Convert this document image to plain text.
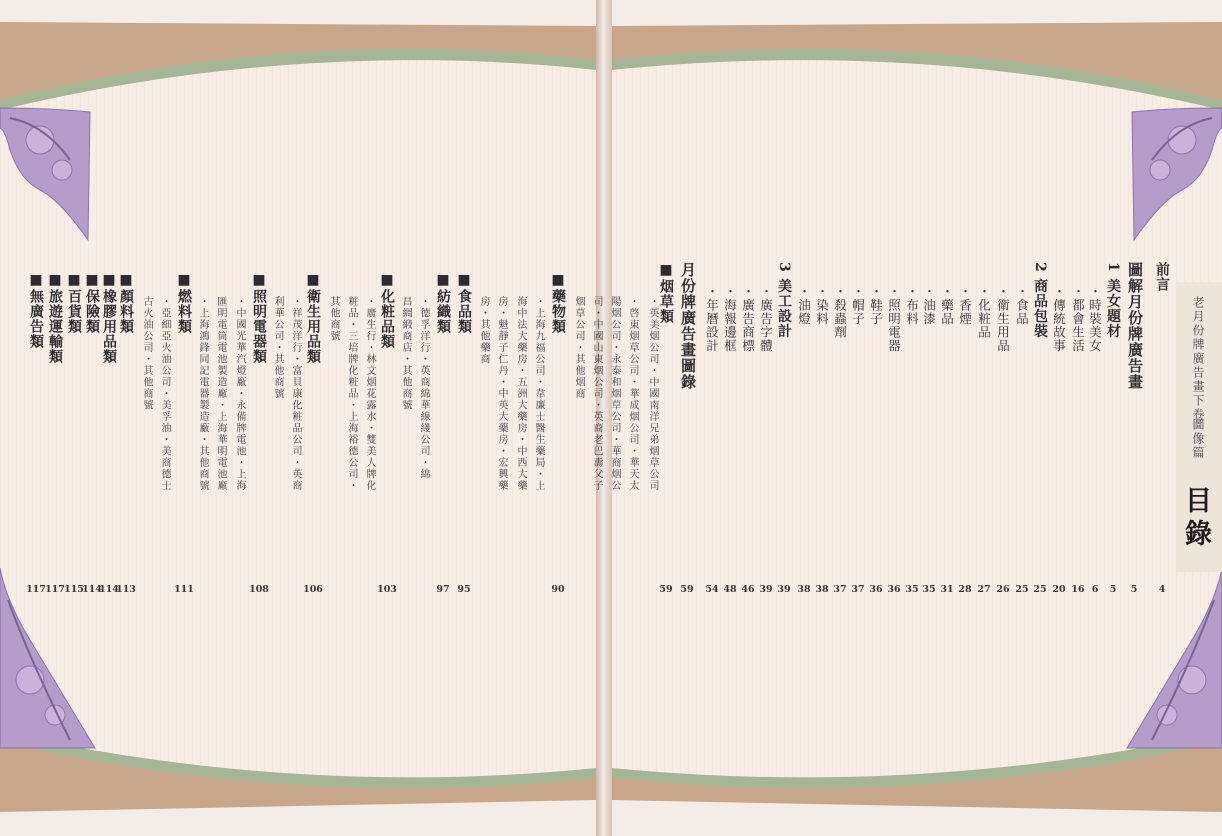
老月份牌廣告畫下卷
圖像篇
目錄
前言
4
圖解月份牌廣告畫
5
1 美女題材
5
・時裝美女
6
・都會生活
16
・傳統故事
20
2 商品包裝
25
・食品
25
・衛生用品
26
・化粧品
27
・香煙
28
・藥品
31
・油漆
35
・布料
35
・照明電器
36
・鞋子
36
・帽子
37
・殺蟲劑
37
・染料
38
・油燈
38
3 美工設計
39
・廣告字體
39
・廣告商標
46
・海報邊框
48
・年曆設計
54
月份牌廣告畫圖錄
59
■烟草類
59
・英美烟公司・中國南洋兄弟烟草公司
・啓東烟草公司・華成烟公司・華天太
陽烟公司・永泰和烟草公司・華商烟公
司・中國山東烟公司・英商老巴夀父子
烟草公司・其他烟商
■藥物類
90
・上海九福公司・韋廉士醫生藥局・上
海中法大藥房・五洲大藥房・中西大藥
房・魁靜子仁丹・中英大藥房・宏興藥
房・其他藥商
■食品類
95
■紡織類
97
・德孚洋行・英商綿華線綫公司・綿
昌綢緞商店・其他商號
■化粧品類
103
・廣生行・林文烟花露水・雙美人牌化
粧品・三培牌化粧品・上海裕德公司・
其他商號
■衛生用品類
106
・祥茂洋行・富貝康化粧品公司・英商
利華公司・其他商號
■照明電器類
108
・中國光華汽燈廠・永備牌電池・上海
匯明電筒電池製造廠・上海華明電池廠
・上海鴻鋒同記電器製造廠・其他商號
■燃料類
111
・亞細亞火油公司・美孚油・美商德士
古火油公司・其他商號
■顏料類
113
■橡膠用品類
114
■保險類
114
■百貨類
115
■旅遊運輸類
117
■無廣告類
117
